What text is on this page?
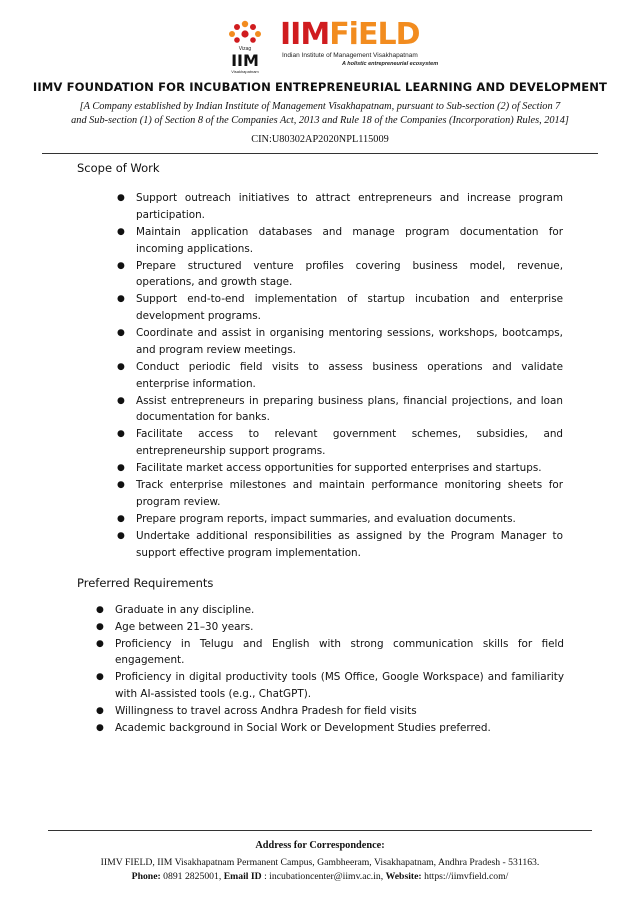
Vizag
IIM
Visakhapatnam
IIMFiELD
Indian Institute of Management Visakhapatnam
A holistic entrepreneurial ecosystem
IIMV FOUNDATION FOR INCUBATION ENTREPRENEURIAL LEARNING AND DEVELOPMENT
[A Company established by Indian Institute of Management Visakhapatnam, pursuant to Sub-section (2) of Section 7
and Sub-section (1) of Section 8 of the Companies Act, 2013 and Rule 18 of the Companies (Incorporation) Rules, 2014]
CIN:U80302AP2020NPL115009
Scope of Work
● Support outreach initiatives to attract entrepreneurs and increase program participation.
● Maintain application databases and manage program documentation for incoming applications.
● Prepare structured venture profiles covering business model, revenue, operations, and growth stage.
● Support end-to-end implementation of startup incubation and enterprise development programs.
● Coordinate and assist in organising mentoring sessions, workshops, bootcamps, and program review meetings.
● Conduct periodic field visits to assess business operations and validate enterprise information.
● Assist entrepreneurs in preparing business plans, financial projections, and loan documentation for banks.
● Facilitate access to relevant government schemes, subsidies, and entrepreneurship support programs.
● Facilitate market access opportunities for supported enterprises and startups.
● Track enterprise milestones and maintain performance monitoring sheets for program review.
● Prepare program reports, impact summaries, and evaluation documents.
● Undertake additional responsibilities as assigned by the Program Manager to support effective program implementation.
Preferred Requirements
● Graduate in any discipline.
● Age between 21–30 years.
● Proficiency in Telugu and English with strong communication skills for field engagement.
● Proficiency in digital productivity tools (MS Office, Google Workspace) and familiarity with AI-assisted tools (e.g., ChatGPT).
● Willingness to travel across Andhra Pradesh for field visits
● Academic background in Social Work or Development Studies preferred.
Address for Correspondence:
IIMV FIELD, IIM Visakhapatnam Permanent Campus, Gambheeram, Visakhapatnam, Andhra Pradesh - 531163.
Phone: 0891 2825001, Email ID : incubationcenter@iimv.ac.in, Website: https://iimvfield.com/
